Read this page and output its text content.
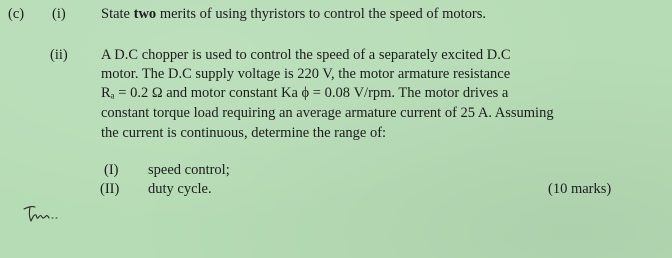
(c) (i) State two merits of using thyristors to control the speed of motors.
(ii) A D.C chopper is used to control the speed of a separately excited D.C
motor. The D.C supply voltage is 220 V, the motor armature resistance
Rₐ = 0.2 Ω and motor constant Ka ϕ = 0.08 V/rpm. The motor drives a
constant torque load requiring an average armature current of 25 A. Assuming
the current is continuous, determine the range of:
(I) speed control;
(II) duty cycle.	(10 marks)
